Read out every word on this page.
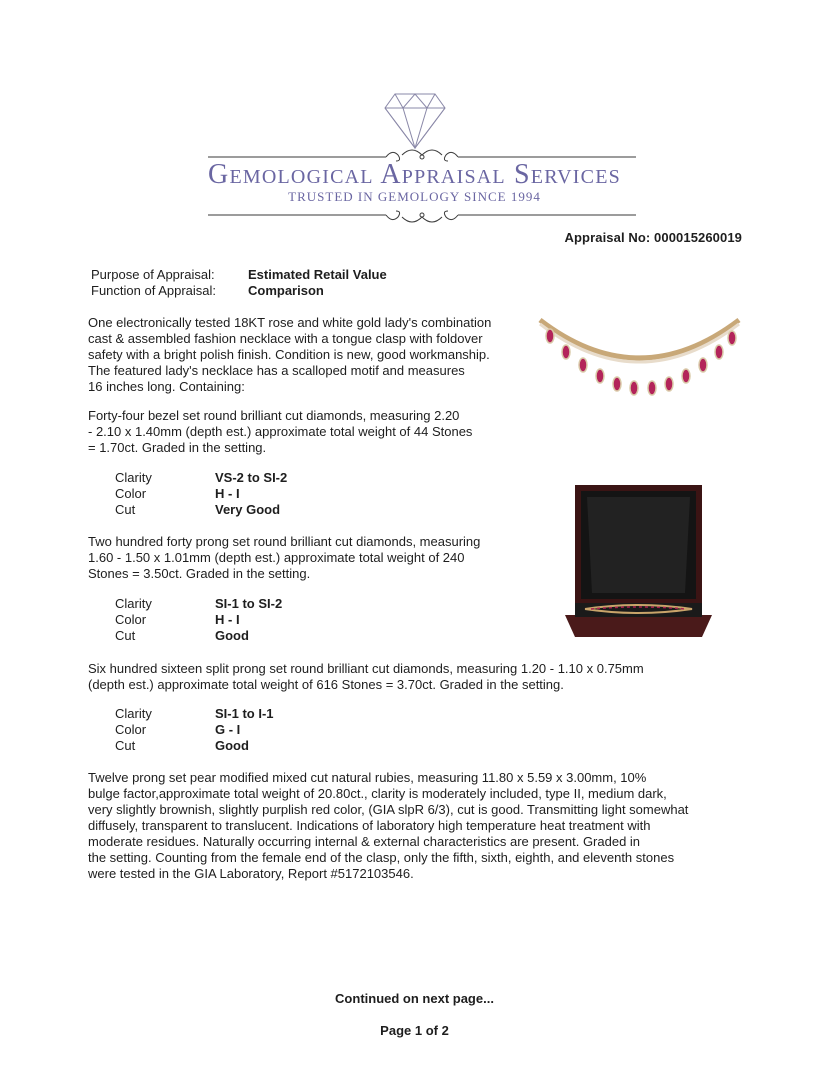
Gemological Appraisal Services
TRUSTED IN GEMOLOGY SINCE 1994
Appraisal No: 000015260019
Purpose of Appraisal:	Estimated Retail Value
Function of Appraisal: Comparison
One electronically tested 18KT rose and white gold lady's combination
cast & assembled fashion necklace with a tongue clasp with foldover
safety with a bright polish finish. Condition is new, good workmanship.
The featured lady's necklace has a scalloped motif and measures
16 inches long. Containing:
Forty-four bezel set round brilliant cut diamonds, measuring 2.20
- 2.10 x 1.40mm (depth est.) approximate total weight of 44 Stones
= 1.70ct. Graded in the setting.
Clarity	VS-2 to SI-2
Color	H - I
Cut	Very Good
Two hundred forty prong set round brilliant cut diamonds, measuring
1.60 - 1.50 x 1.01mm (depth est.) approximate total weight of 240
Stones = 3.50ct. Graded in the setting.
Clarity	SI-1 to SI-2
Color	H - I
Cut	Good
Six hundred sixteen split prong set round brilliant cut diamonds, measuring 1.20 - 1.10 x 0.75mm
(depth est.) approximate total weight of 616 Stones = 3.70ct. Graded in the setting.
Clarity	SI-1 to I-1
Color	G - I
Cut	Good
Twelve prong set pear modified mixed cut natural rubies, measuring 11.80 x 5.59 x 3.00mm, 10%
bulge factor,approximate total weight of 20.80ct., clarity is moderately included, type II, medium dark,
very slightly brownish, slightly purplish red color, (GIA slpR 6/3), cut is good. Transmitting light somewhat
diffusely, transparent to translucent. Indications of laboratory high temperature heat treatment with
moderate residues. Naturally occurring internal & external characteristics are present. Graded in
the setting. Counting from the female end of the clasp, only the fifth, sixth, eighth, and eleventh stones
were tested in the GIA Laboratory, Report #5172103546.
Continued on next page...
Page 1 of 2
